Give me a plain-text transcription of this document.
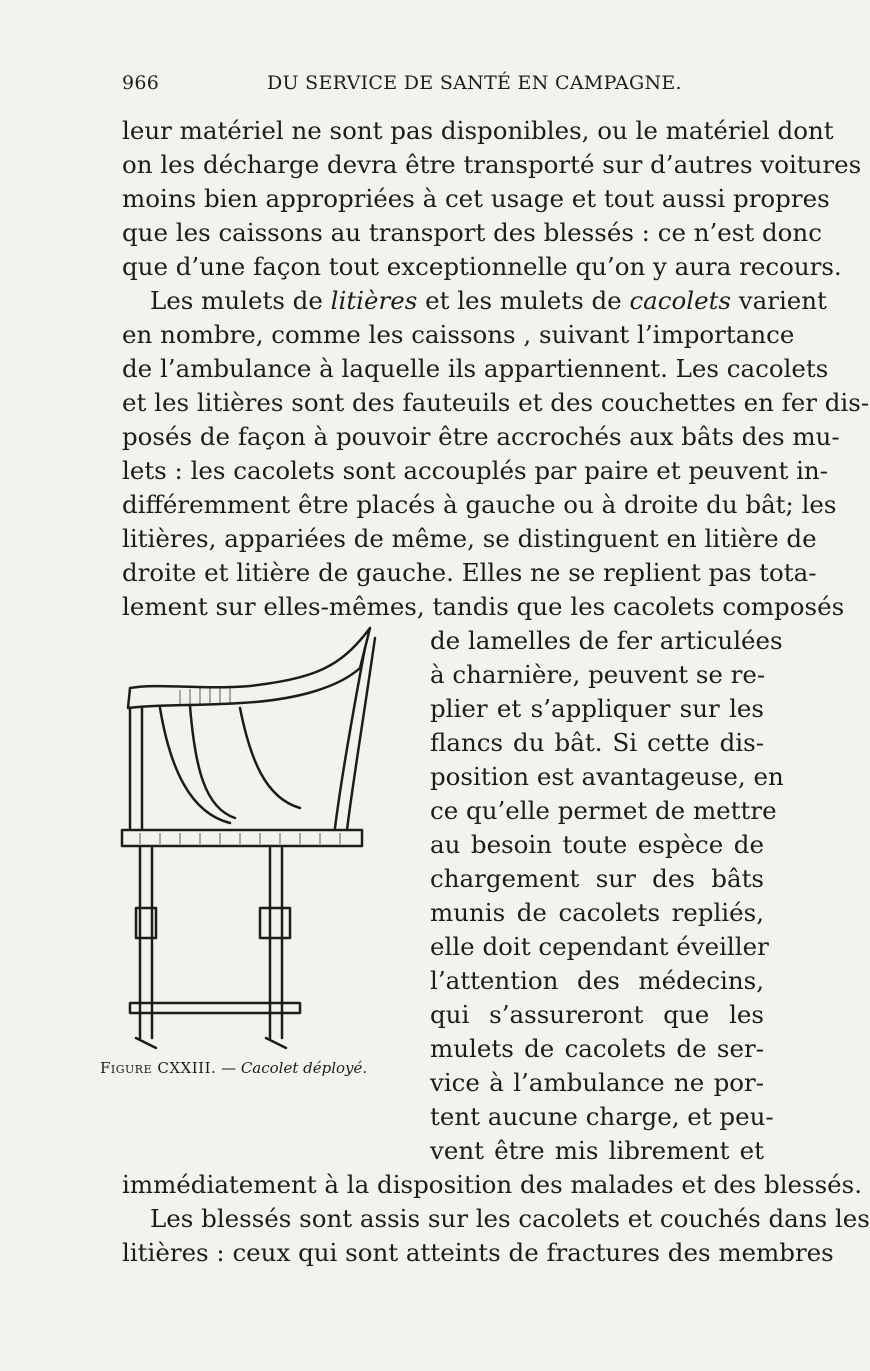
966	DU SERVICE DE SANTÉ EN CAMPAGNE.
leur matériel ne sont pas disponibles, ou le matériel dont
on les décharge devra être transporté sur d’autres voitures
moins bien appropriées à cet usage et tout aussi propres
que les caissons au transport des blessés : ce n’est donc
que d’une façon tout exceptionnelle qu’on y aura recours.
Les mulets de litières et les mulets de cacolets varient
en nombre, comme les caissons , suivant l’importance
de l’ambulance à laquelle ils appartiennent. Les cacolets
et les litières sont des fauteuils et des couchettes en fer dis-
posés de façon à pouvoir être accrochés aux bâts des mu-
lets : les cacolets sont accouplés par paire et peuvent in-
différemment être placés à gauche ou à droite du bât; les
litières, appariées de même, se distinguent en litière de
droite et litière de gauche. Elles ne se replient pas tota-
lement sur elles-mêmes, tandis que les cacolets composés
de lamelles de fer articulées
à charnière, peuvent se re-
plier et s’appliquer sur les
flancs du bât. Si cette dis-
position est avantageuse, en
ce qu’elle permet de mettre
au besoin toute espèce de
chargement sur des bâts
munis de cacolets repliés,
elle doit cependant éveiller
l’attention des médecins,
qui s’assureront que les
mulets de cacolets de ser-
vice à l’ambulance ne por-
tent aucune charge, et peu-
vent être mis librement et
immédiatement à la disposition des malades et des blessés.
Les blessés sont assis sur les cacolets et couchés dans les
litières : ceux qui sont atteints de fractures des membres
Figure CXXIII. — Cacolet déployé.
